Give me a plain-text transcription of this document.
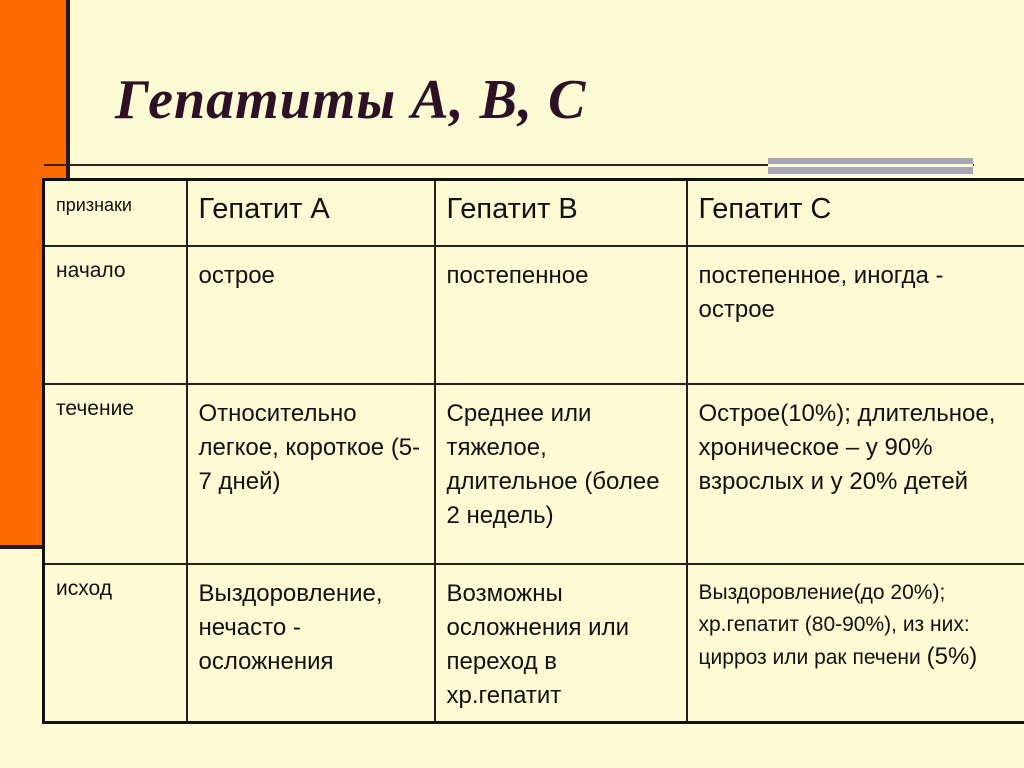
Гепатиты А, В, С
признаки	Гепатит А	Гепатит В	Гепатит С
начало	острое	постепенное	постепенное, иногда - острое
течение	Относительно легкое, короткое (5-7 дней)	Среднее или тяжелое, длительное (более 2 недель)	Острое(10%); длительное, хроническое – у 90% взрослых и у 20% детей
исход	Выздоровление, нечасто - осложнения	Возможны осложнения или переход в хр.гепатит	Выздоровление(до 20%); хр.гепатит (80-90%), из них: цирроз или рак печени (5%)
